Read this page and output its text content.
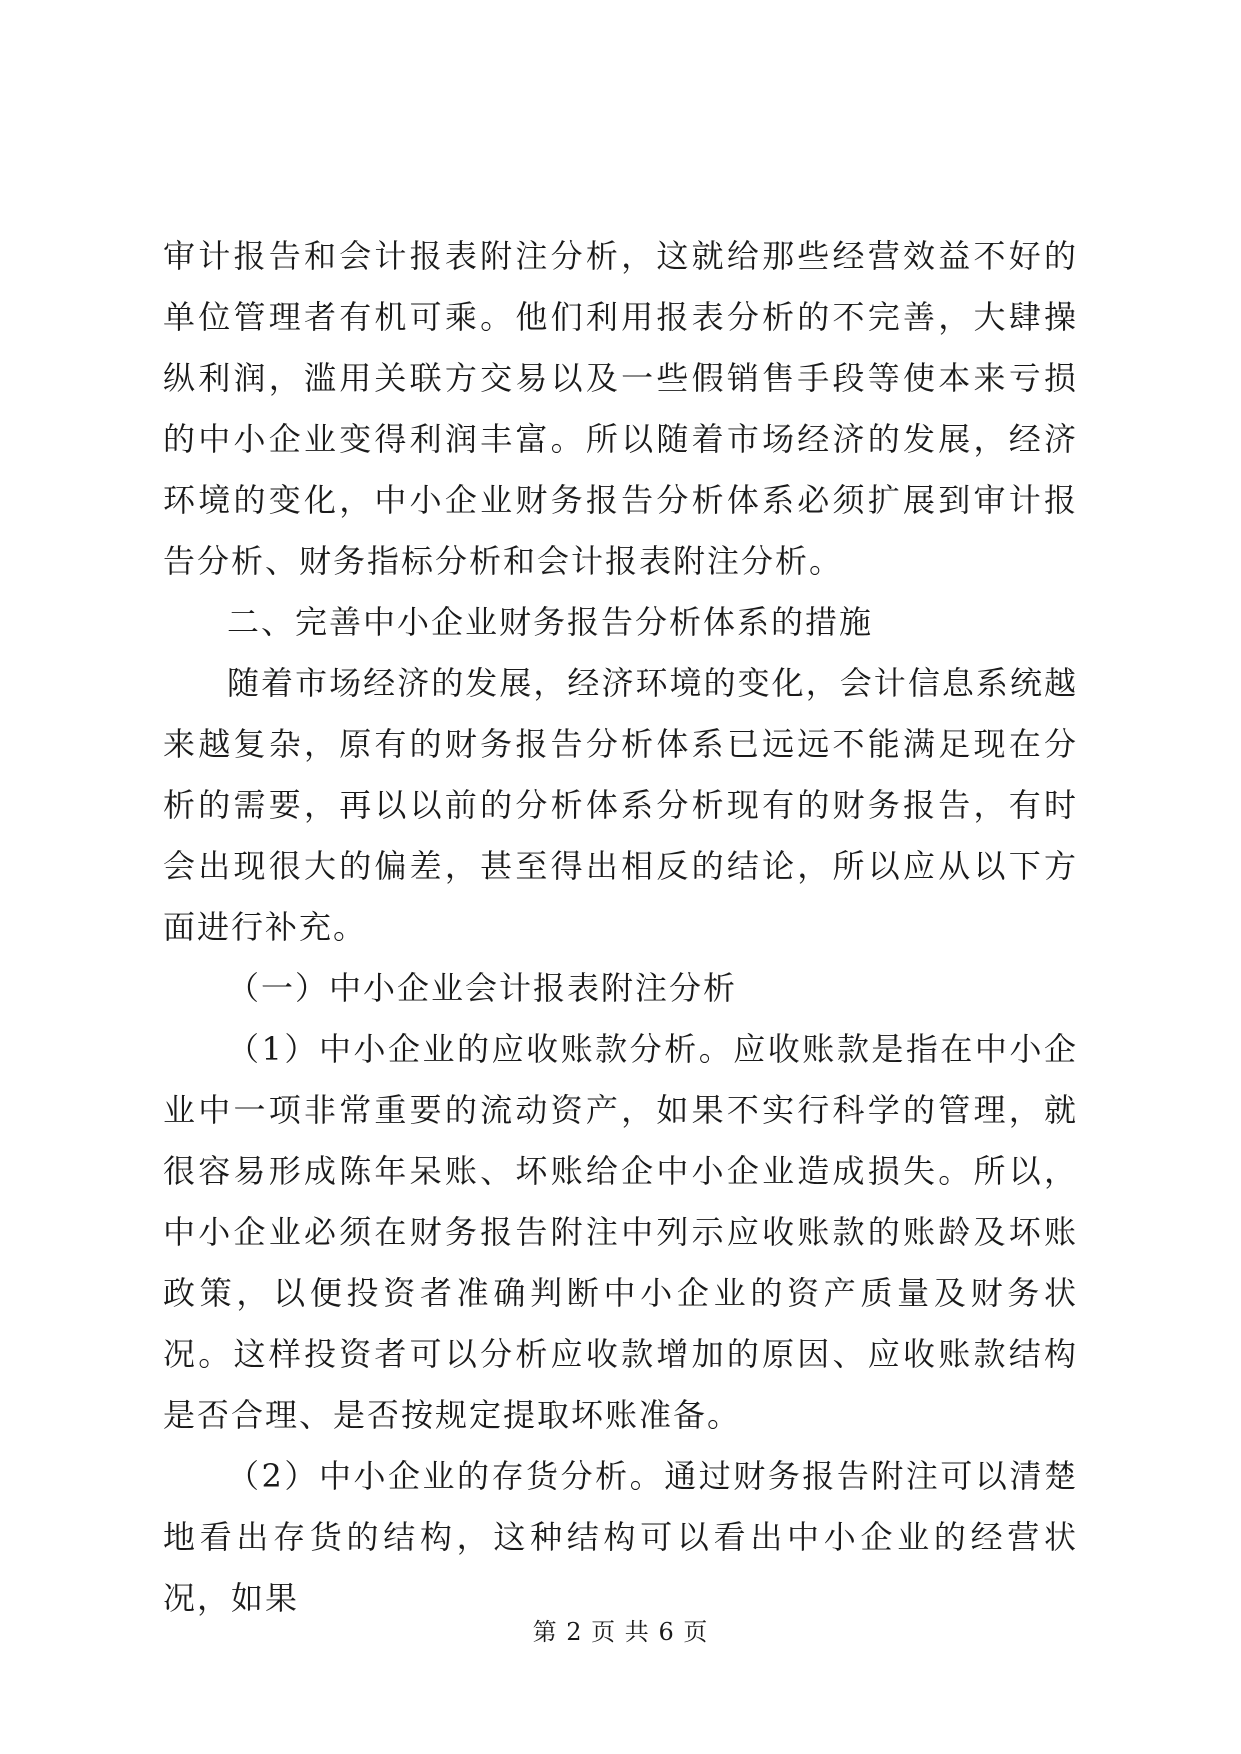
审计报告和会计报表附注分析，这就给那些经营效益不好的单位管理者有机可乘。他们利用报表分析的不完善，大肆操纵利润，滥用关联方交易以及一些假销售手段等使本来亏损的中小企业变得利润丰富。所以随着市场经济的发展，经济环境的变化，中小企业财务报告分析体系必须扩展到审计报告分析、财务指标分析和会计报表附注分析。

二、完善中小企业财务报告分析体系的措施

随着市场经济的发展，经济环境的变化，会计信息系统越来越复杂，原有的财务报告分析体系已远远不能满足现在分析的需要，再以以前的分析体系分析现有的财务报告，有时会出现很大的偏差，甚至得出相反的结论，所以应从以下方面进行补充。

（一）中小企业会计报表附注分析

（1）中小企业的应收账款分析。应收账款是指在中小企业中一项非常重要的流动资产，如果不实行科学的管理，就很容易形成陈年呆账、坏账给企中小企业造成损失。所以，中小企业必须在财务报告附注中列示应收账款的账龄及坏账政策，以便投资者准确判断中小企业的资产质量及财务状况。这样投资者可以分析应收款增加的原因、应收账款结构是否合理、是否按规定提取坏账准备。

（2）中小企业的存货分析。通过财务报告附注可以清楚地看出存货的结构，这种结构可以看出中小企业的经营状况，如果

第 2 页 共 6 页
